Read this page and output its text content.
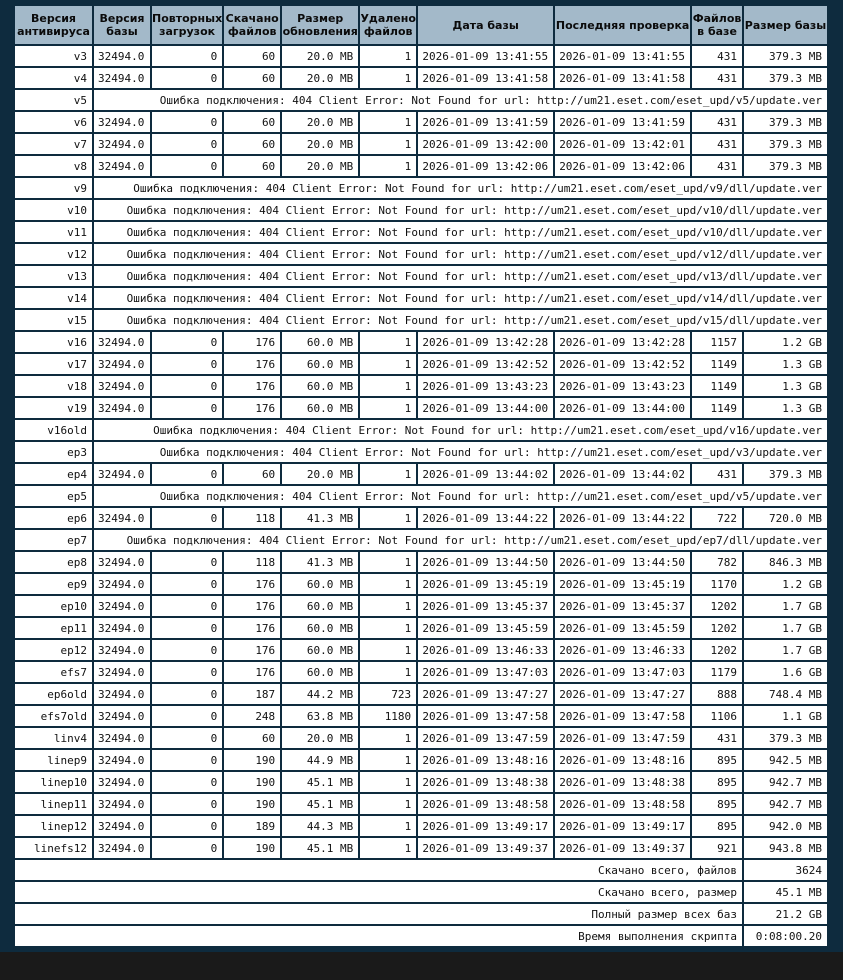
Версия антивируса	Версия базы	Повторных загрузок	Скачано файлов	Размер обновления	Удалено файлов	Дата базы	Последняя проверка	Файлов в базе	Размер базы
v3	32494.0	0	60	20.0 MB	1	2026-01-09 13:41:55	2026-01-09 13:41:55	431	379.3 MB
v4	32494.0	0	60	20.0 MB	1	2026-01-09 13:41:58	2026-01-09 13:41:58	431	379.3 MB
v5	Ошибка подключения: 404 Client Error: Not Found for url: http://um21.eset.com/eset_upd/v5/update.ver								
v6	32494.0	0	60	20.0 MB	1	2026-01-09 13:41:59	2026-01-09 13:41:59	431	379.3 MB
v7	32494.0	0	60	20.0 MB	1	2026-01-09 13:42:00	2026-01-09 13:42:01	431	379.3 MB
v8	32494.0	0	60	20.0 MB	1	2026-01-09 13:42:06	2026-01-09 13:42:06	431	379.3 MB
v9	Ошибка подключения: 404 Client Error: Not Found for url: http://um21.eset.com/eset_upd/v9/dll/update.ver								
v10	Ошибка подключения: 404 Client Error: Not Found for url: http://um21.eset.com/eset_upd/v10/dll/update.ver								
v11	Ошибка подключения: 404 Client Error: Not Found for url: http://um21.eset.com/eset_upd/v10/dll/update.ver								
v12	Ошибка подключения: 404 Client Error: Not Found for url: http://um21.eset.com/eset_upd/v12/dll/update.ver								
v13	Ошибка подключения: 404 Client Error: Not Found for url: http://um21.eset.com/eset_upd/v13/dll/update.ver								
v14	Ошибка подключения: 404 Client Error: Not Found for url: http://um21.eset.com/eset_upd/v14/dll/update.ver								
v15	Ошибка подключения: 404 Client Error: Not Found for url: http://um21.eset.com/eset_upd/v15/dll/update.ver								
v16	32494.0	0	176	60.0 MB	1	2026-01-09 13:42:28	2026-01-09 13:42:28	1157	1.2 GB
v17	32494.0	0	176	60.0 MB	1	2026-01-09 13:42:52	2026-01-09 13:42:52	1149	1.3 GB
v18	32494.0	0	176	60.0 MB	1	2026-01-09 13:43:23	2026-01-09 13:43:23	1149	1.3 GB
v19	32494.0	0	176	60.0 MB	1	2026-01-09 13:44:00	2026-01-09 13:44:00	1149	1.3 GB
v16old	Ошибка подключения: 404 Client Error: Not Found for url: http://um21.eset.com/eset_upd/v16/update.ver								
ep3	Ошибка подключения: 404 Client Error: Not Found for url: http://um21.eset.com/eset_upd/v3/update.ver								
ep4	32494.0	0	60	20.0 MB	1	2026-01-09 13:44:02	2026-01-09 13:44:02	431	379.3 MB
ep5	Ошибка подключения: 404 Client Error: Not Found for url: http://um21.eset.com/eset_upd/v5/update.ver								
ep6	32494.0	0	118	41.3 MB	1	2026-01-09 13:44:22	2026-01-09 13:44:22	722	720.0 MB
ep7	Ошибка подключения: 404 Client Error: Not Found for url: http://um21.eset.com/eset_upd/ep7/dll/update.ver								
ep8	32494.0	0	118	41.3 MB	1	2026-01-09 13:44:50	2026-01-09 13:44:50	782	846.3 MB
ep9	32494.0	0	176	60.0 MB	1	2026-01-09 13:45:19	2026-01-09 13:45:19	1170	1.2 GB
ep10	32494.0	0	176	60.0 MB	1	2026-01-09 13:45:37	2026-01-09 13:45:37	1202	1.7 GB
ep11	32494.0	0	176	60.0 MB	1	2026-01-09 13:45:59	2026-01-09 13:45:59	1202	1.7 GB
ep12	32494.0	0	176	60.0 MB	1	2026-01-09 13:46:33	2026-01-09 13:46:33	1202	1.7 GB
efs7	32494.0	0	176	60.0 MB	1	2026-01-09 13:47:03	2026-01-09 13:47:03	1179	1.6 GB
ep6old	32494.0	0	187	44.2 MB	723	2026-01-09 13:47:27	2026-01-09 13:47:27	888	748.4 MB
efs7old	32494.0	0	248	63.8 MB	1180	2026-01-09 13:47:58	2026-01-09 13:47:58	1106	1.1 GB
linv4	32494.0	0	60	20.0 MB	1	2026-01-09 13:47:59	2026-01-09 13:47:59	431	379.3 MB
linep9	32494.0	0	190	44.9 MB	1	2026-01-09 13:48:16	2026-01-09 13:48:16	895	942.5 MB
linep10	32494.0	0	190	45.1 MB	1	2026-01-09 13:48:38	2026-01-09 13:48:38	895	942.7 MB
linep11	32494.0	0	190	45.1 MB	1	2026-01-09 13:48:58	2026-01-09 13:48:58	895	942.7 MB
linep12	32494.0	0	189	44.3 MB	1	2026-01-09 13:49:17	2026-01-09 13:49:17	895	942.0 MB
linefs12	32494.0	0	190	45.1 MB	1	2026-01-09 13:49:37	2026-01-09 13:49:37	921	943.8 MB
Скачано всего, файлов									3624
Скачано всего, размер									45.1 MB
Полный размер всех баз									21.2 GB
Время выполнения скрипта									0:08:00.20
